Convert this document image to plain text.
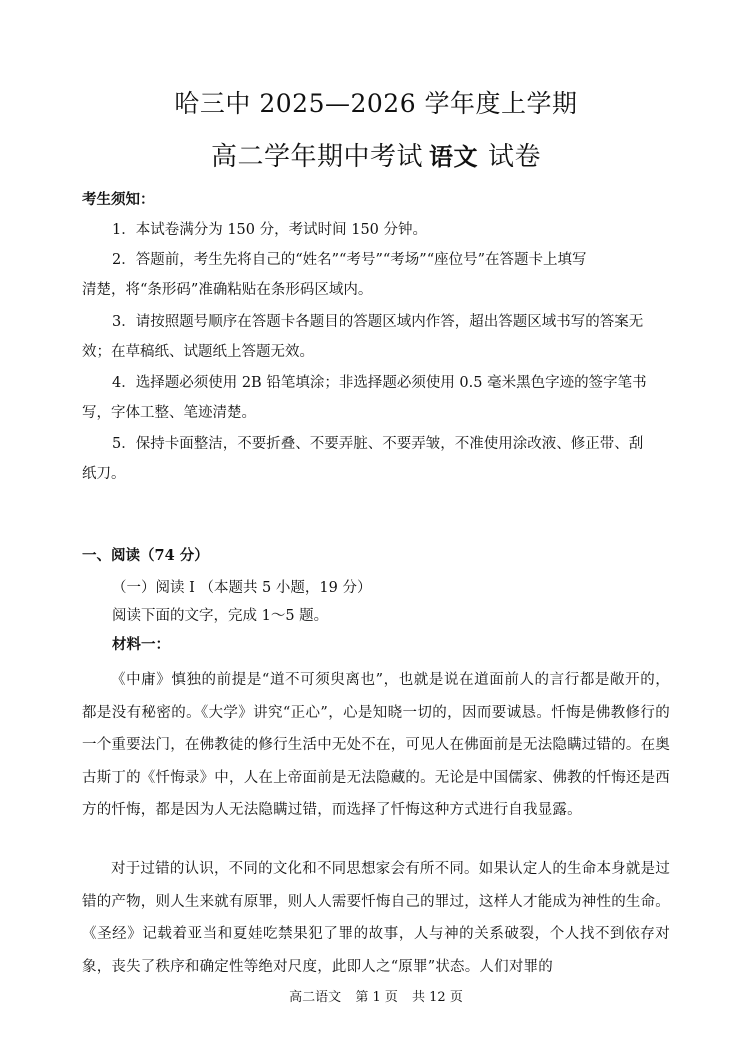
哈三中 2025—2026 学年度上学期
高二学年期中考试 语文 试卷
考生须知：
1．本试卷满分为 150 分，考试时间 150 分钟。
2．答题前，考生先将自己的“姓名”“考号”“考场”“座位号”在答题卡上填写
清楚，将“条形码”准确粘贴在条形码区域内。
3．请按照题号顺序在答题卡各题目的答题区域内作答，超出答题区域书写的答案无
效；在草稿纸、试题纸上答题无效。
4．选择题必须使用 2B 铅笔填涂；非选择题必须使用 0.5 毫米黑色字迹的签字笔书
写，字体工整、笔迹清楚。
5．保持卡面整洁，不要折叠、不要弄脏、不要弄皱，不准使用涂改液、修正带、刮
纸刀。
一、阅读（74 分）
（一）阅读 I （本题共 5 小题，19 分）
阅读下面的文字，完成 1～5 题。
材料一：
《中庸》慎独的前提是“道不可须臾离也”，也就是说在道面前人的言行都是敞开的，都是没有秘密的。《大学》讲究“正心”，心是知晓一切的，因而要诚恳。忏悔是佛教修行的一个重要法门，在佛教徒的修行生活中无处不在，可见人在佛面前是无法隐瞒过错的。在奥古斯丁的《忏悔录》中，人在上帝面前是无法隐藏的。无论是中国儒家、佛教的忏悔还是西方的忏悔，都是因为人无法隐瞒过错，而选择了忏悔这种方式进行自我显露。
对于过错的认识，不同的文化和不同思想家会有所不同。如果认定人的生命本身就是过错的产物，则人生来就有原罪，则人人需要忏悔自己的罪过，这样人才能成为神性的生命。《圣经》记载着亚当和夏娃吃禁果犯了罪的故事，人与神的关系破裂，个人找不到依存对象，丧失了秩序和确定性等绝对尺度，此即人之“原罪”状态。人们对罪的
高二语文 第 1 页 共 12 页
